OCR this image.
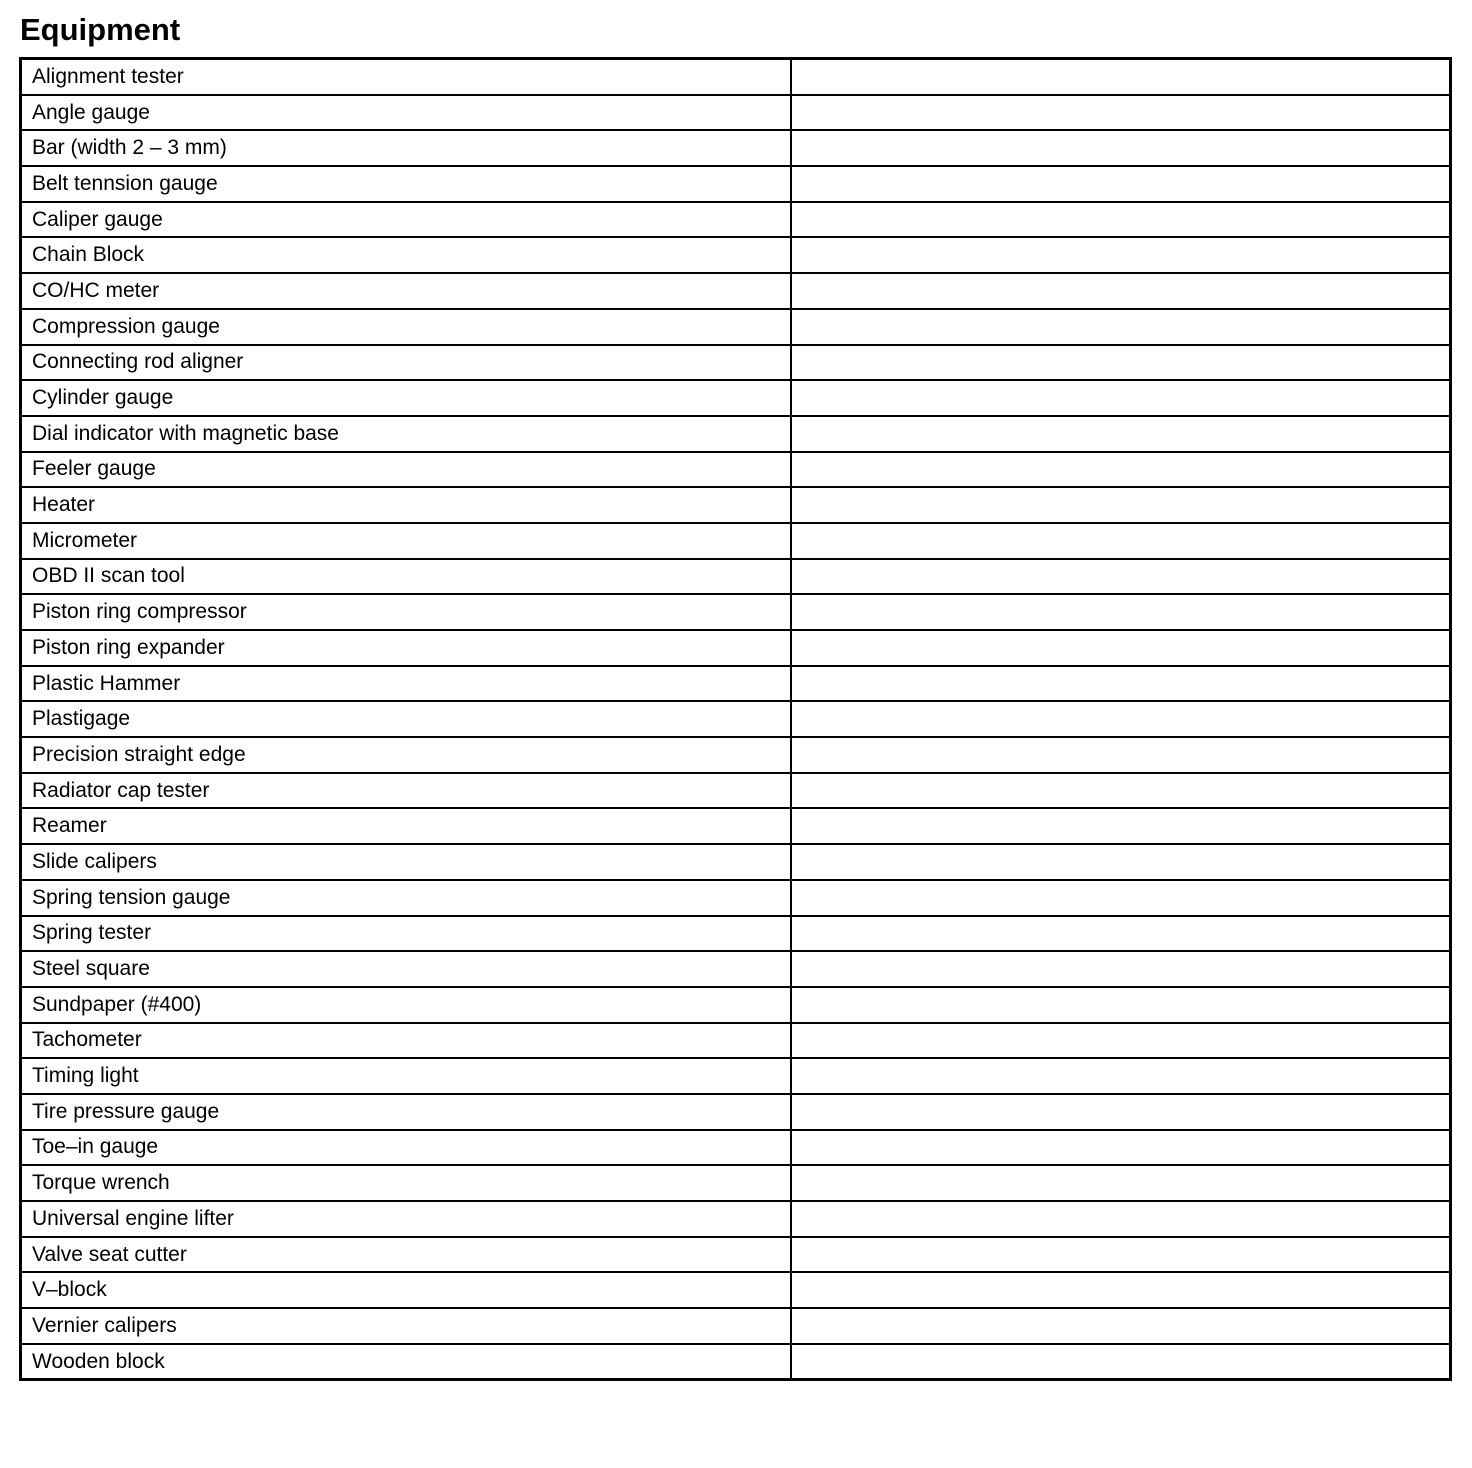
Equipment
Alignment tester	
Angle gauge	
Bar (width 2 – 3 mm)	
Belt tennsion gauge	
Caliper gauge	
Chain Block	
CO/HC meter	
Compression gauge	
Connecting rod aligner	
Cylinder gauge	
Dial indicator with magnetic base	
Feeler gauge	
Heater	
Micrometer	
OBD II scan tool	
Piston ring compressor	
Piston ring expander	
Plastic Hammer	
Plastigage	
Precision straight edge	
Radiator cap tester	
Reamer	
Slide calipers	
Spring tension gauge	
Spring tester	
Steel square	
Sundpaper (#400)	
Tachometer	
Timing light	
Tire pressure gauge	
Toe–in gauge	
Torque wrench	
Universal engine lifter	
Valve seat cutter	
V–block	
Vernier calipers	
Wooden block	
